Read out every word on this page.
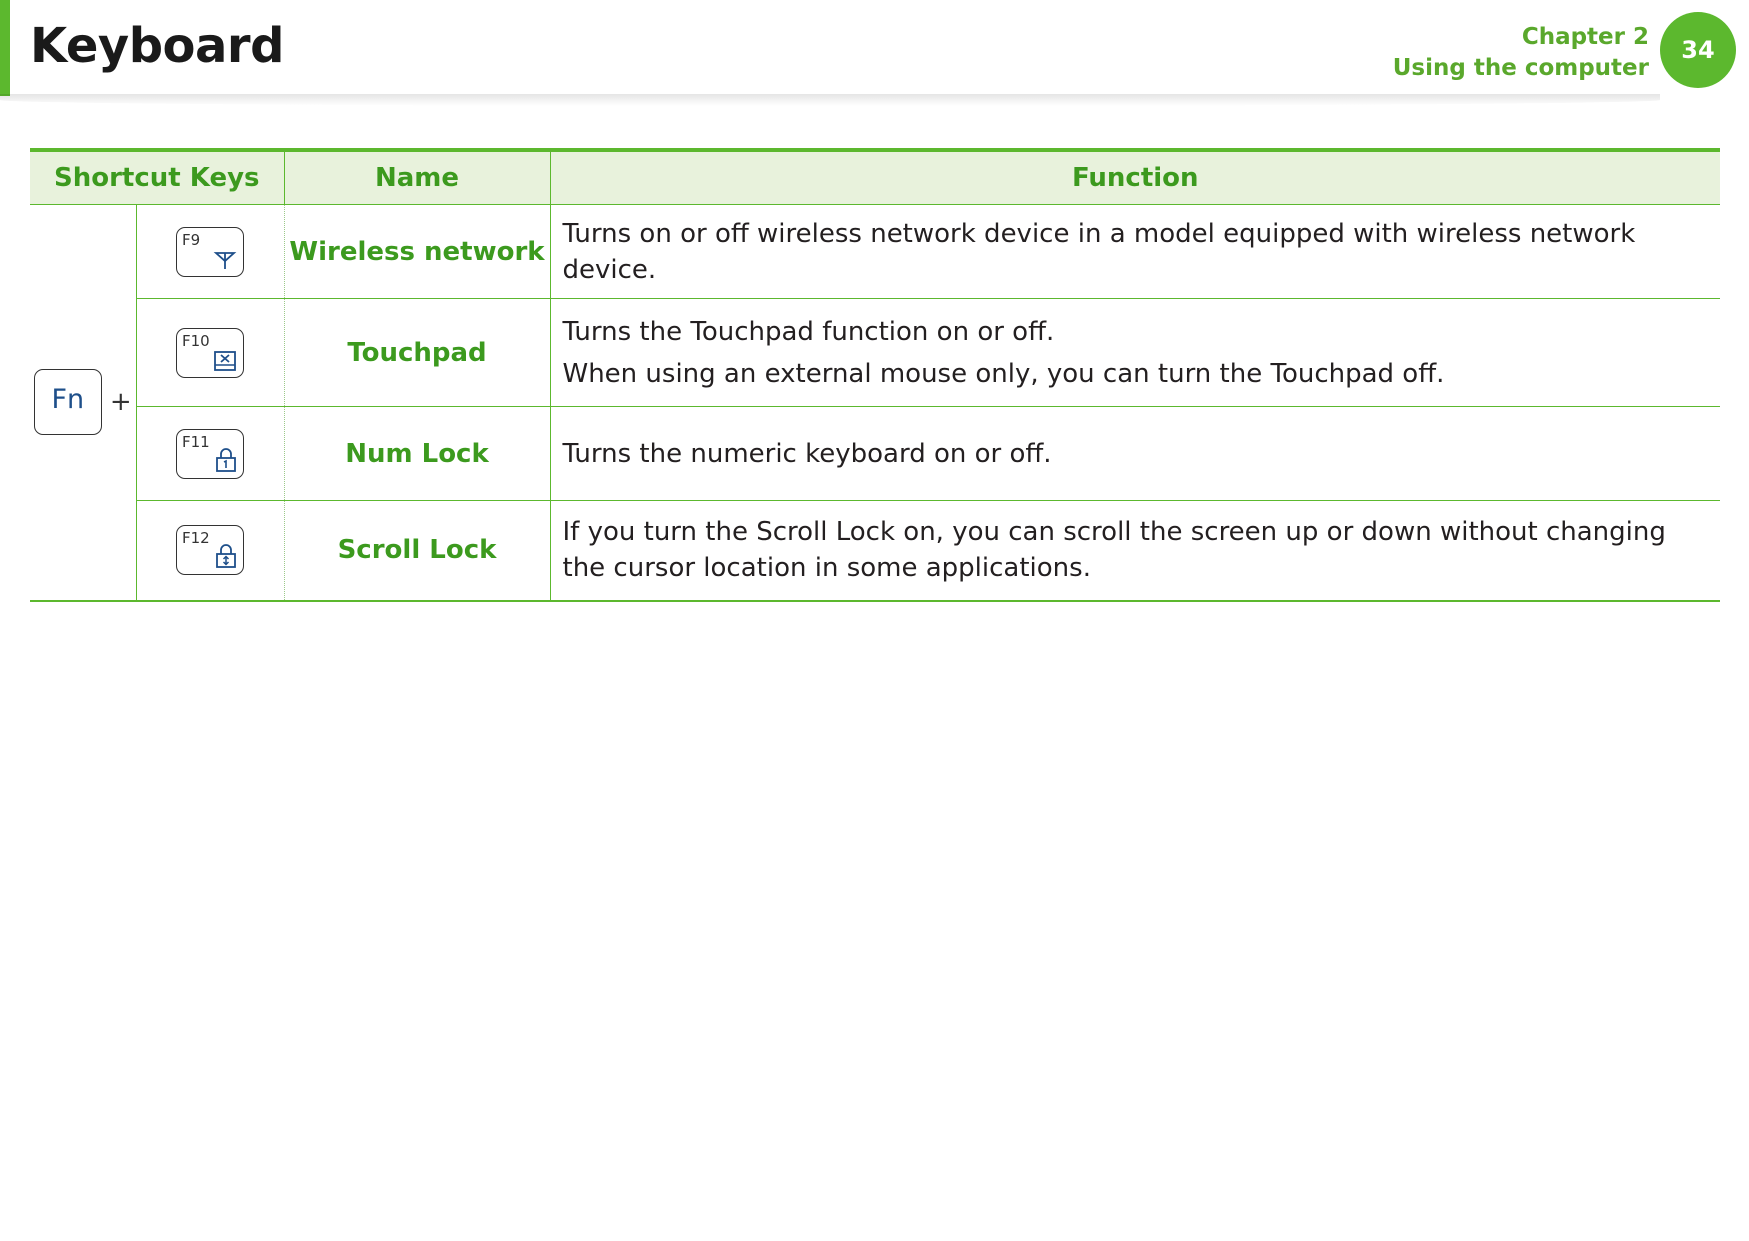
Keyboard	Chapter 2
Using the computer
34
Shortcut Keys		Name	Function

Fn +	F9	Wireless network	Turns on or off wireless network device in a model equipped with wireless network device.

	F10	Touchpad	Turns the Touchpad function on or off.

When using an external mouse only, you can turn the Touchpad off.

	F11	Num Lock	Turns the numeric keyboard on or off.

	F12	Scroll Lock	If you turn the Scroll Lock on, you can scroll the screen up or down without changing the cursor location in some applications.
